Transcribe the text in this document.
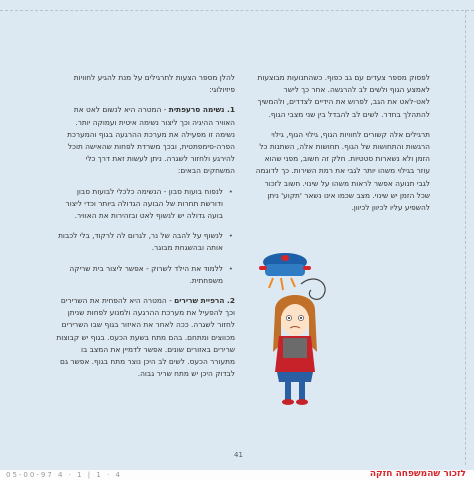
לפסוק מספר צעדים עם גב כפוף. כשהתנועות מבוצעות לאמצע הגוף ולשים לב להרגשה. אחר כך לישר לאט-לאט את הגב, לפרוש את הידיים לצדדים, ולהמשיך להתהלך בחדר. לשים לב להבדל בין שני מצבי הגוף.

תרגילים אלה קשורים לחוויות הגוף, גילוי הגוף, גילוי הרגשות והתחושות של הגוף. תחושות אלה, השתנות כל הזמן ולא נשארות סטטיות. חלק זה חשוב, מפני שהוא עוזר בגילוי משהו יותר לגבי את רמת השירות. כך לדוגמה לגבי תנועה אפשר לראות משהו על שינוי. חשוב לזכור שכל הזמן יש שינוי. מצב שכמו אינו נשאר 'תקוע' ניתן להשפיע עליו לכיוון לכיוון.

להלן מספר הצעות לתרגילים על מנת להגיע לחוויות פיזיולוגי:

1. נשימה סרעפתית - המטרה היא לנשום לאט את האוויר ההיגיה וכך ליצור נשימה איטית ועמוקה יותר. נשימה זו מפעילה את מערכת ההרגעה בגוף והמערכת הפרה-סימפתטית, ובכך משרדת לפחות שהאישה תוכל להירגע ולחזור לשגרה. ניתן לעשות זאת דרך כלי המשחקים הבאים:

• לנפוח בועות סבון - הנשימה כלכלי לבועות סבון ודורשת תחרות של הבועה הגדולה ביותר וכדי ליצור בועה גדולה יש לנשוף לאט ובזהירות את האוויר.
• לנשוף על להבה של נר, לגרום לה לרקוד, בלי לכבות אותה ובהשגחת מבוגר.
• ללמוד את הילד לשרוק - אפשר ליצור בית שריקה משפחתית.

2. הרפיית שרירים - המטרה היא להפחית את השרירים וכך להפעיל את מערכת ההרגעה ולמנוע לפחות שניתן לחזור לשגרה. ככה לאחר את האיזור בגוף שבו השרירים מכווצים ומתחם. בהם מתח בשעת הכעס. בגוף יש קבוצות שרירים באזורים שונים. אפשר לדמיין את המצב בו מתעורר הכעס. לשים לב היכן נוצר מתח בגוף. אפשר גם לבדוק היכן יש מתח שריר גבוה.

41
05-00-97 4 · 1 | 1 · 4	לזכור שהמשפחה חזקה
